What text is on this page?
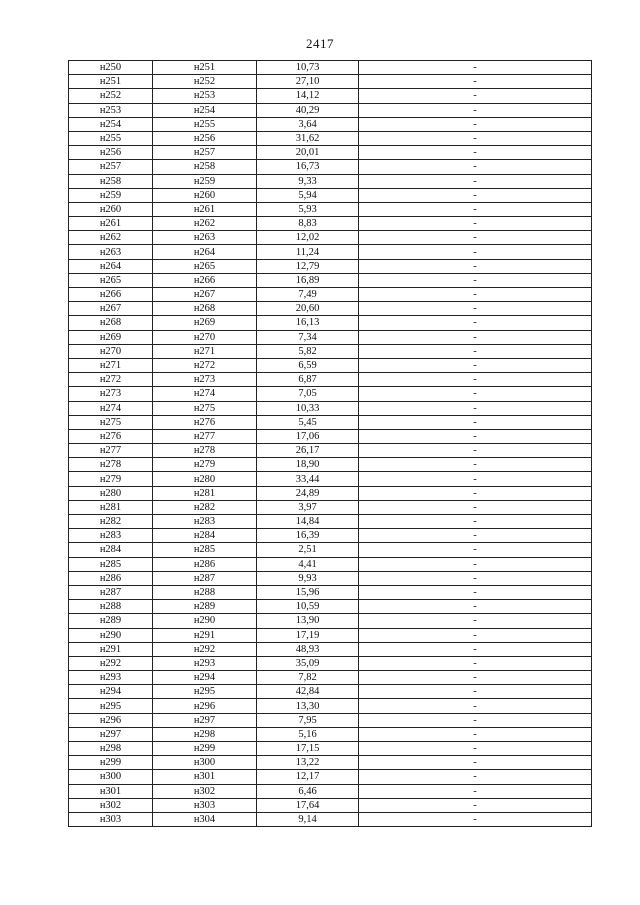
2417
н250	н251	10,73	-
н251	н252	27,10	-
н252	н253	14,12	-
н253	н254	40,29	-
н254	н255	3,64	-
н255	н256	31,62	-
н256	н257	20,01	-
н257	н258	16,73	-
н258	н259	9,33	-
н259	н260	5,94	-
н260	н261	5,93	-
н261	н262	8,83	-
н262	н263	12,02	-
н263	н264	11,24	-
н264	н265	12,79	-
н265	н266	16,89	-
н266	н267	7,49	-
н267	н268	20,60	-
н268	н269	16,13	-
н269	н270	7,34	-
н270	н271	5,82	-
н271	н272	6,59	-
н272	н273	6,87	-
н273	н274	7,05	-
н274	н275	10,33	-
н275	н276	5,45	-
н276	н277	17,06	-
н277	н278	26,17	-
н278	н279	18,90	-
н279	н280	33,44	-
н280	н281	24,89	-
н281	н282	3,97	-
н282	н283	14,84	-
н283	н284	16,39	-
н284	н285	2,51	-
н285	н286	4,41	-
н286	н287	9,93	-
н287	н288	15,96	-
н288	н289	10,59	-
н289	н290	13,90	-
н290	н291	17,19	-
н291	н292	48,93	-
н292	н293	35,09	-
н293	н294	7,82	-
н294	н295	42,84	-
н295	н296	13,30	-
н296	н297	7,95	-
н297	н298	5,16	-
н298	н299	17,15	-
н299	н300	13,22	-
н300	н301	12,17	-
н301	н302	6,46	-
н302	н303	17,64	-
н303	н304	9,14	-
